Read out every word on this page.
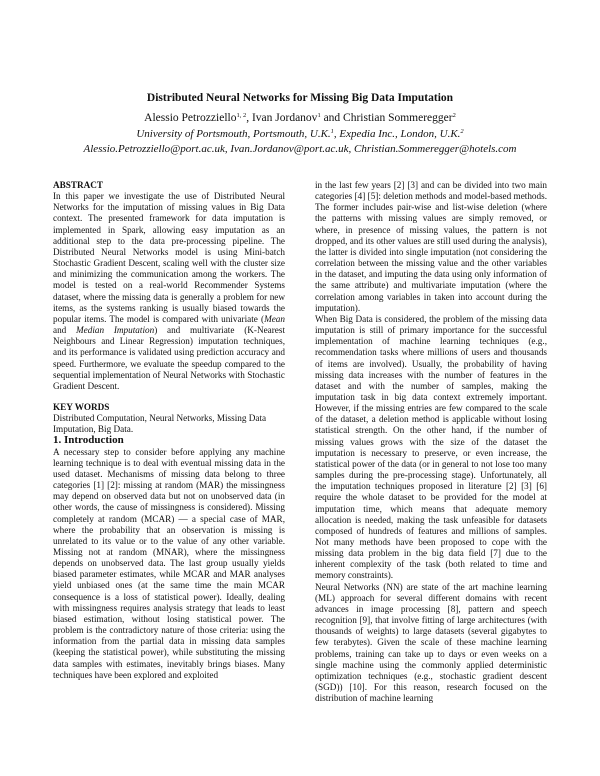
Distributed Neural Networks for Missing Big Data Imputation
Alessio Petrozziello$^{1, 2}$, Ivan Jordanov$^1$ and Christian Sommeregger$^2$
University of Portsmouth, Portsmouth, U.K.$^1$, Expedia Inc., London, U.K.$^2$
Alessio.Petrozziello@port.ac.uk, Ivan.Jordanov@port.ac.uk, Christian.Sommeregger@hotels.com

ABSTRACT

In this paper we investigate the use of Distributed Neural Networks for the imputation of missing values in Big Data context. The presented framework for data imputation is implemented in Spark, allowing easy imputation as an additional step to the data pre-processing pipeline. The Distributed Neural Networks model is using Mini-batch Stochastic Gradient Descent, scaling well with the cluster size and minimizing the communication among the workers. The model is tested on a real-world Recommender Systems dataset, where the missing data is generally a problem for new items, as the systems ranking is usually biased towards the popular items. The model is compared with univariate (Mean and Median Imputation) and multivariate (K-Nearest Neighbours and Linear Regression) imputation techniques, and its performance is validated using prediction accuracy and speed. Furthermore, we evaluate the speedup compared to the sequential implementation of Neural Networks with Stochastic Gradient Descent.

KEY WORDS

Distributed Computation, Neural Networks, Missing Data Imputation, Big Data.

1. Introduction

A necessary step to consider before applying any machine learning technique is to deal with eventual missing data in the used dataset. Mechanisms of missing data belong to three categories [1] [2]: missing at random (MAR) the missingness may depend on observed data but not on unobserved data (in other words, the cause of missingness is considered). Missing completely at random (MCAR) — a special case of MAR, where the probability that an observation is missing is unrelated to its value or to the value of any other variable. Missing not at random (MNAR), where the missingness depends on unobserved data. The last group usually yields biased parameter estimates, while MCAR and MAR analyses yield unbiased ones (at the same time the main MCAR consequence is a loss of statistical power). Ideally, dealing with missingness requires analysis strategy that leads to least biased estimation, without losing statistical power. The problem is the contradictory nature of those criteria: using the information from the partial data in missing data samples (keeping the statistical power), while substituting the missing data samples with estimates, inevitably brings biases. Many techniques have been explored and exploited

in the last few years [2] [3] and can be divided into two main categories [4] [5]: deletion methods and model-based methods. The former includes pair-wise and list-wise deletion (where the patterns with missing values are simply removed, or where, in presence of missing values, the pattern is not dropped, and its other values are still used during the analysis), the latter is divided into single imputation (not considering the correlation between the missing value and the other variables in the dataset, and imputing the data using only information of the same attribute) and multivariate imputation (where the correlation among variables in taken into account during the imputation).

When Big Data is considered, the problem of the missing data imputation is still of primary importance for the successful implementation of machine learning techniques (e.g., recommendation tasks where millions of users and thousands of items are involved). Usually, the probability of having missing data increases with the number of features in the dataset and with the number of samples, making the imputation task in big data context extremely important. However, if the missing entries are few compared to the scale of the dataset, a deletion method is applicable without losing statistical strength. On the other hand, if the number of missing values grows with the size of the dataset the imputation is necessary to preserve, or even increase, the statistical power of the data (or in general to not lose too many samples during the pre-processing stage). Unfortunately, all the imputation techniques proposed in literature [2] [3] [6] require the whole dataset to be provided for the model at imputation time, which means that adequate memory allocation is needed, making the task unfeasible for datasets composed of hundreds of features and millions of samples. Not many methods have been proposed to cope with the missing data problem in the big data field [7] due to the inherent complexity of the task (both related to time and memory constraints).

Neural Networks (NN) are state of the art machine learning (ML) approach for several different domains with recent advances in image processing [8], pattern and speech recognition [9], that involve fitting of large architectures (with thousands of weights) to large datasets (several gigabytes to few terabytes). Given the scale of these machine learning problems, training can take up to days or even weeks on a single machine using the commonly applied deterministic optimization techniques (e.g., stochastic gradient descent (SGD)) [10]. For this reason, research focused on the distribution of machine learning
